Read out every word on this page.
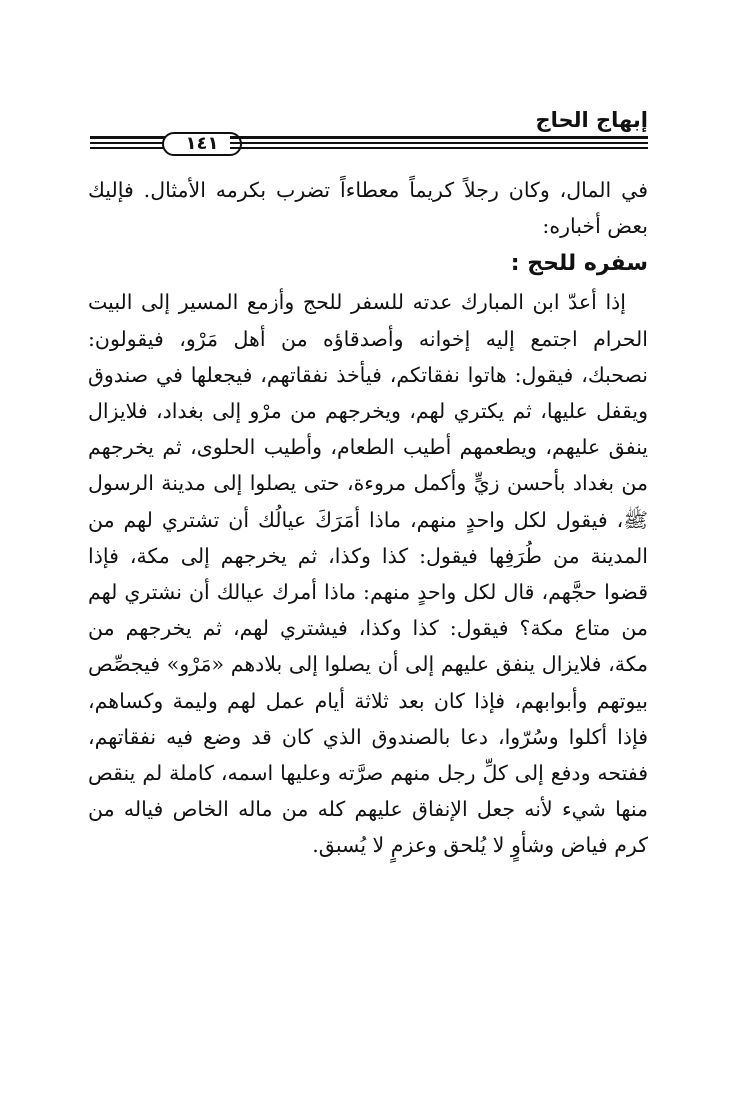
إبهاج الحاج
١٤١

في المال، وكان رجلاً كريماً معطاءاً تضرب بكرمه الأمثال. فإليك بعض أخباره:

سفره للحج :

إذا أعدّ ابن المبارك عدته للسفر للحج وأزمع المسير إلى البيت الحرام اجتمع إليه إخوانه وأصدقاؤه من أهل مَرْو، فيقولون: نصحبك، فيقول: هاتوا نفقاتكم، فيأخذ نفقاتهم، فيجعلها في صندوق ويقفل عليها، ثم يكتري لهم، ويخرجهم من مرْو إلى بغداد، فلايزال ينفق عليهم، ويطعمهم أطيب الطعام، وأطيب الحلوى، ثم يخرجهم من بغداد بأحسن زيٍّ وأكمل مروءة، حتى يصلوا إلى مدينة الرسول ﷺ، فيقول لكل واحدٍ منهم، ماذا أمَرَكَ عيالُك أن تشتري لهم من المدينة من طُرَفِها فيقول: كذا وكذا، ثم يخرجهم إلى مكة، فإذا قضوا حجَّهم، قال لكل واحدٍ منهم: ماذا أمرك عيالك أن نشتري لهم من متاع مكة؟ فيقول: كذا وكذا، فيشتري لهم، ثم يخرجهم من مكة، فلايزال ينفق عليهم إلى أن يصلوا إلى بلادهم «مَرْو» فيجصِّص بيوتهم وأبوابهم، فإذا كان بعد ثلاثة أيام عمل لهم وليمة وكساهم، فإذا أكلوا وسُرّوا، دعا بالصندوق الذي كان قد وضع فيه نفقاتهم، ففتحه ودفع إلى كلِّ رجل منهم صرَّته وعليها اسمه، كاملة لم ينقص منها شيء لأنه جعل الإنفاق عليهم كله من ماله الخاص فياله من كرم فياض وشأوٍ لا يُلحق وعزمٍ لا يُسبق.
